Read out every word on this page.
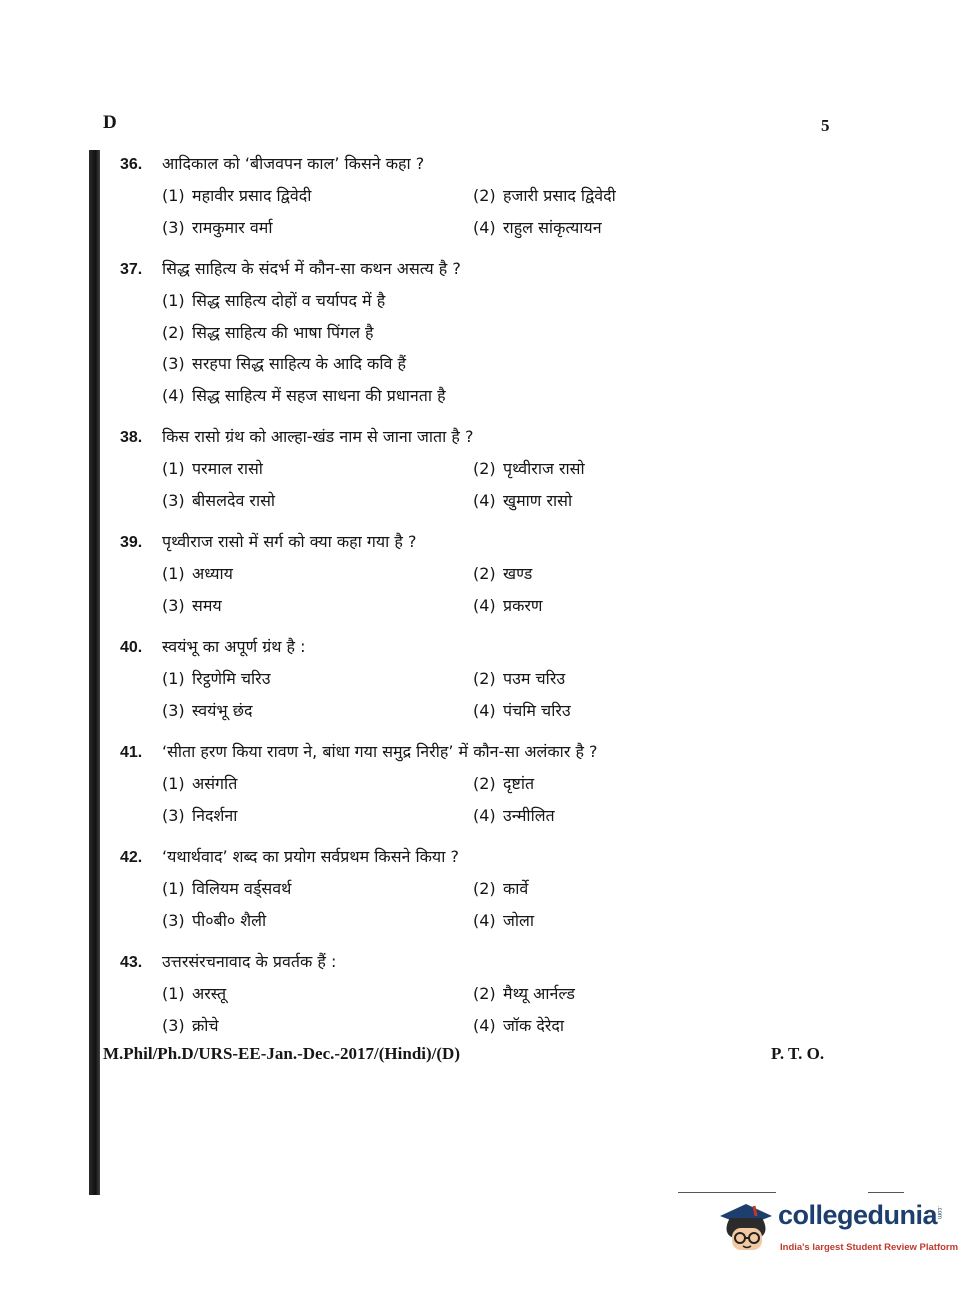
D	5
36.	आदिकाल को ‘बीजवपन काल’ किसने कहा ?
(1) महावीर प्रसाद द्विवेदी	(2) हजारी प्रसाद द्विवेदी
(3) रामकुमार वर्मा	(4) राहुल सांकृत्यायन
37.	सिद्ध साहित्य के संदर्भ में कौन-सा कथन असत्य है ?
(1) सिद्ध साहित्य दोहों व चर्यापद में है
(2) सिद्ध साहित्य की भाषा पिंगल है
(3) सरहपा सिद्ध साहित्य के आदि कवि हैं
(4) सिद्ध साहित्य में सहज साधना की प्रधानता है
38.	किस रासो ग्रंथ को आल्हा-खंड नाम से जाना जाता है ?
(1) परमाल रासो	(2) पृथ्वीराज रासो
(3) बीसलदेव रासो	(4) खुमाण रासो
39.	पृथ्वीराज रासो में सर्ग को क्या कहा गया है ?
(1) अध्याय	(2) खण्ड
(3) समय	(4) प्रकरण
40.	स्वयंभू का अपूर्ण ग्रंथ है :
(1) रिट्ठणेमि चरिउ	(2) पउम चरिउ
(3) स्वयंभू छंद	(4) पंचमि चरिउ
41.	‘सीता हरण किया रावण ने, बांधा गया समुद्र निरीह’ में कौन-सा अलंकार है ?
(1) असंगति	(2) दृष्टांत
(3) निदर्शना	(4) उन्मीलित
42.	‘यथार्थवाद’ शब्द का प्रयोग सर्वप्रथम किसने किया ?
(1) विलियम वर्ड्सवर्थ	(2) कार्वे
(3) पी०बी० शैली	(4) जोला
43.	उत्तरसंरचनावाद के प्रवर्तक हैं :
(1) अरस्तू	(2) मैथ्यू आर्नल्ड
(3) क्रोचे	(4) जॉक देरेदा
M.Phil/Ph.D/URS-EE-Jan.-Dec.-2017/(Hindi)/(D)	P. T. O.
collegedunia
.com
India's largest Student Review Platform
